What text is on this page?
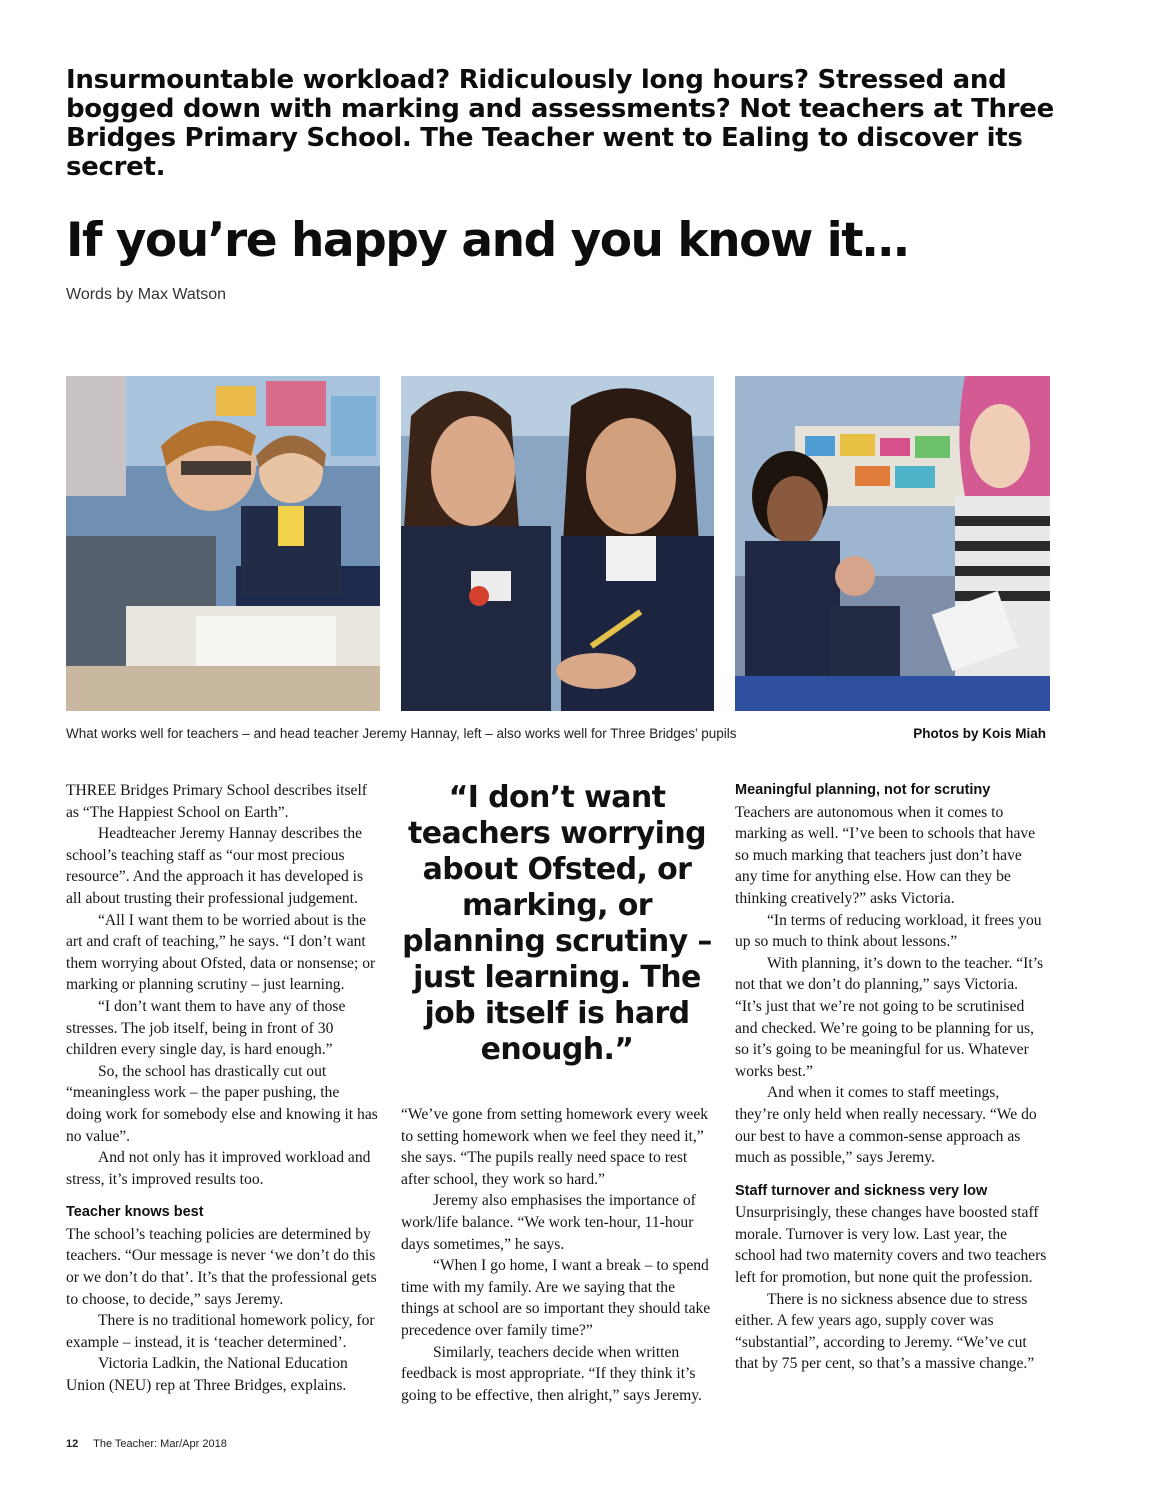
Insurmountable workload? Ridiculously long hours? Stressed and bogged down with marking and assessments? Not teachers at Three Bridges Primary School. The Teacher went to Ealing to discover its secret.
If you’re happy and you know it…
Words by Max Watson
What works well for teachers – and head teacher Jeremy Hannay, left – also works well for Three Bridges’ pupils	Photos by Kois Miah

THREE Bridges Primary School describes itself as “The Happiest School on Earth”.

Headteacher Jeremy Hannay describes the school’s teaching staff as “our most precious resource”. And the approach it has developed is all about trusting their professional judgement.

“All I want them to be worried about is the art and craft of teaching,” he says. “I don’t want them worrying about Ofsted, data or nonsense; or marking or planning scrutiny – just learning.

“I don’t want them to have any of those stresses. The job itself, being in front of 30 children every single day, is hard enough.”

So, the school has drastically cut out “meaningless work – the paper pushing, the doing work for somebody else and knowing it has no value”.

And not only has it improved workload and stress, it’s improved results too.

Teacher knows best

The school’s teaching policies are determined by teachers. “Our message is never ‘we don’t do this or we don’t do that’. It’s that the professional gets to choose, to decide,” says Jeremy.

There is no traditional homework policy, for example – instead, it is ‘teacher determined’.

Victoria Ladkin, the National Education Union (NEU) rep at Three Bridges, explains.

“I don’t want teachers worrying about Ofsted, or marking, or planning scrutiny – just learning. The job itself is hard enough.”

“We’ve gone from setting homework every week to setting homework when we feel they need it,” she says. “The pupils really need space to rest after school, they work so hard.”

Jeremy also emphasises the importance of work/life balance. “We work ten-hour, 11-hour days sometimes,” he says.

“When I go home, I want a break – to spend time with my family. Are we saying that the things at school are so important they should take precedence over family time?”

Similarly, teachers decide when written feedback is most appropriate. “If they think it’s going to be effective, then alright,” says Jeremy.

Meaningful planning, not for scrutiny

Teachers are autonomous when it comes to marking as well. “I’ve been to schools that have so much marking that teachers just don’t have any time for anything else. How can they be thinking creatively?” asks Victoria.

“In terms of reducing workload, it frees you up so much to think about lessons.”

With planning, it’s down to the teacher. “It’s not that we don’t do planning,” says Victoria. “It’s just that we’re not going to be scrutinised and checked. We’re going to be planning for us, so it’s going to be meaningful for us. Whatever works best.”

And when it comes to staff meetings, they’re only held when really necessary. “We do our best to have a common-sense approach as much as possible,” says Jeremy.

Staff turnover and sickness very low

Unsurprisingly, these changes have boosted staff morale. Turnover is very low. Last year, the school had two maternity covers and two teachers left for promotion, but none quit the profession.

There is no sickness absence due to stress either. A few years ago, supply cover was “substantial”, according to Jeremy. “We’ve cut that by 75 per cent, so that’s a massive change.”

12 The Teacher: Mar/Apr 2018
